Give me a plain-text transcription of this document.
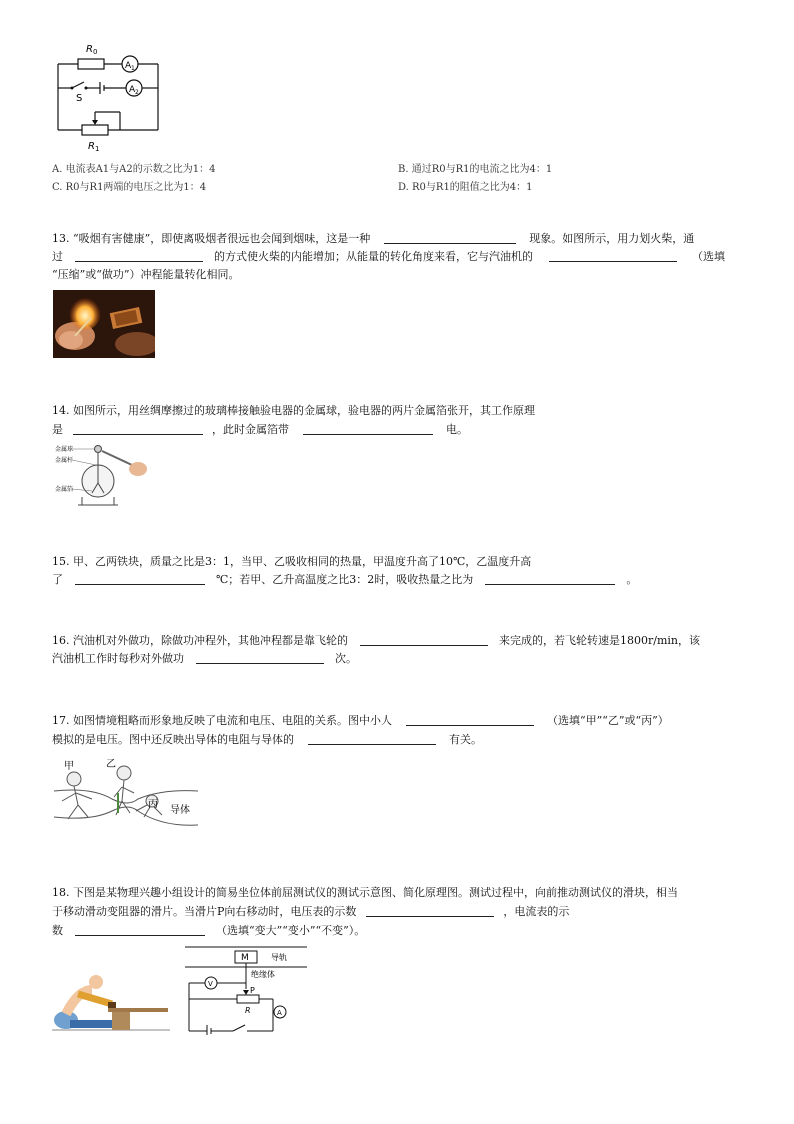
R 0
A 1
A 2
S
R 1
A. 电流表A1与A2的示数之比为1：4	B. 通过R0与R1的电流之比为4：1
C. R0与R1两端的电压之比为1：4	D. R0与R1的阻值之比为4：1
13. “吸烟有害健康”，即使离吸烟者很远也会闻到烟味，这是一种	现象。如图所示，用力划火柴，通
过	的方式使火柴的内能增加；从能量的转化角度来看，它与汽油机的	（选填
“压缩”或“做功”）冲程能量转化相同。
14. 如图所示，用丝绸摩擦过的玻璃棒接触验电器的金属球，验电器的两片金属箔张开，其工作原理
是	，此时金属箔带	电。
金属球
金属杆
金属箔
15. 甲、乙两铁块，质量之比是3：1，当甲、乙吸收相同的热量，甲温度升高了10℃，乙温度升高
了	℃；若甲、乙升高温度之比3：2时，吸收热量之比为	。
16. 汽油机对外做功，除做功冲程外，其他冲程都是靠飞轮的	来完成的，若飞轮转速是1800r/min，该
汽油机工作时每秒对外做功	次。
17. 如图情境粗略而形象地反映了电流和电压、电阻的关系。图中小人	（选填“甲”“乙”或“丙”）
模拟的是电压。图中还反映出导体的电阻与导体的	有关。
甲	乙
丙
导体
18. 下图是某物理兴趣小组设计的简易坐位体前屈测试仪的测试示意图、简化原理图。测试过程中，向前推动测试仪的滑块，相当
于移动滑动变阻器的滑片。当滑片P向右移动时，电压表的示数	，电流表的示
数	（选填“变大”“变小”“不变”）。
M	导轨
绝缘体
V
P
R	A
